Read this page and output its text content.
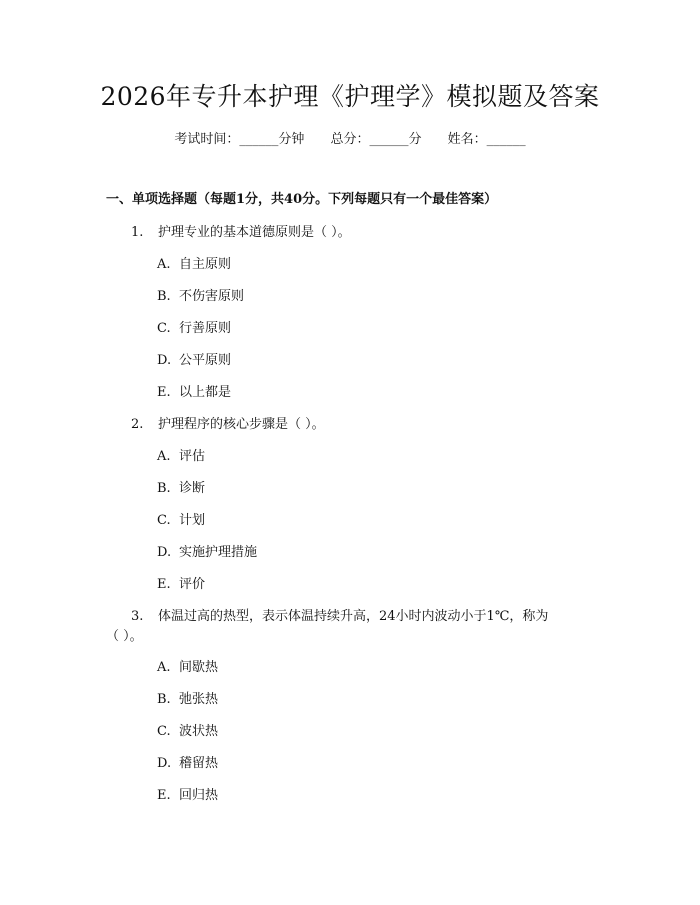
2026年专升本护理《护理学》模拟题及答案
考试时间：______分钟 总分：______分 姓名：______
一、单项选择题（每题1分，共40分。下列每题只有一个最佳答案）
1. 护理专业的基本道德原则是（ ）。
A. 自主原则
B. 不伤害原则
C. 行善原则
D. 公平原则
E. 以上都是
2. 护理程序的核心步骤是（ ）。
A. 评估
B. 诊断
C. 计划
D. 实施护理措施
E. 评价
3. 体温过高的热型，表示体温持续升高，24小时内波动小于1℃，称为
（ ）。
A. 间歇热
B. 弛张热
C. 波状热
D. 稽留热
E. 回归热
